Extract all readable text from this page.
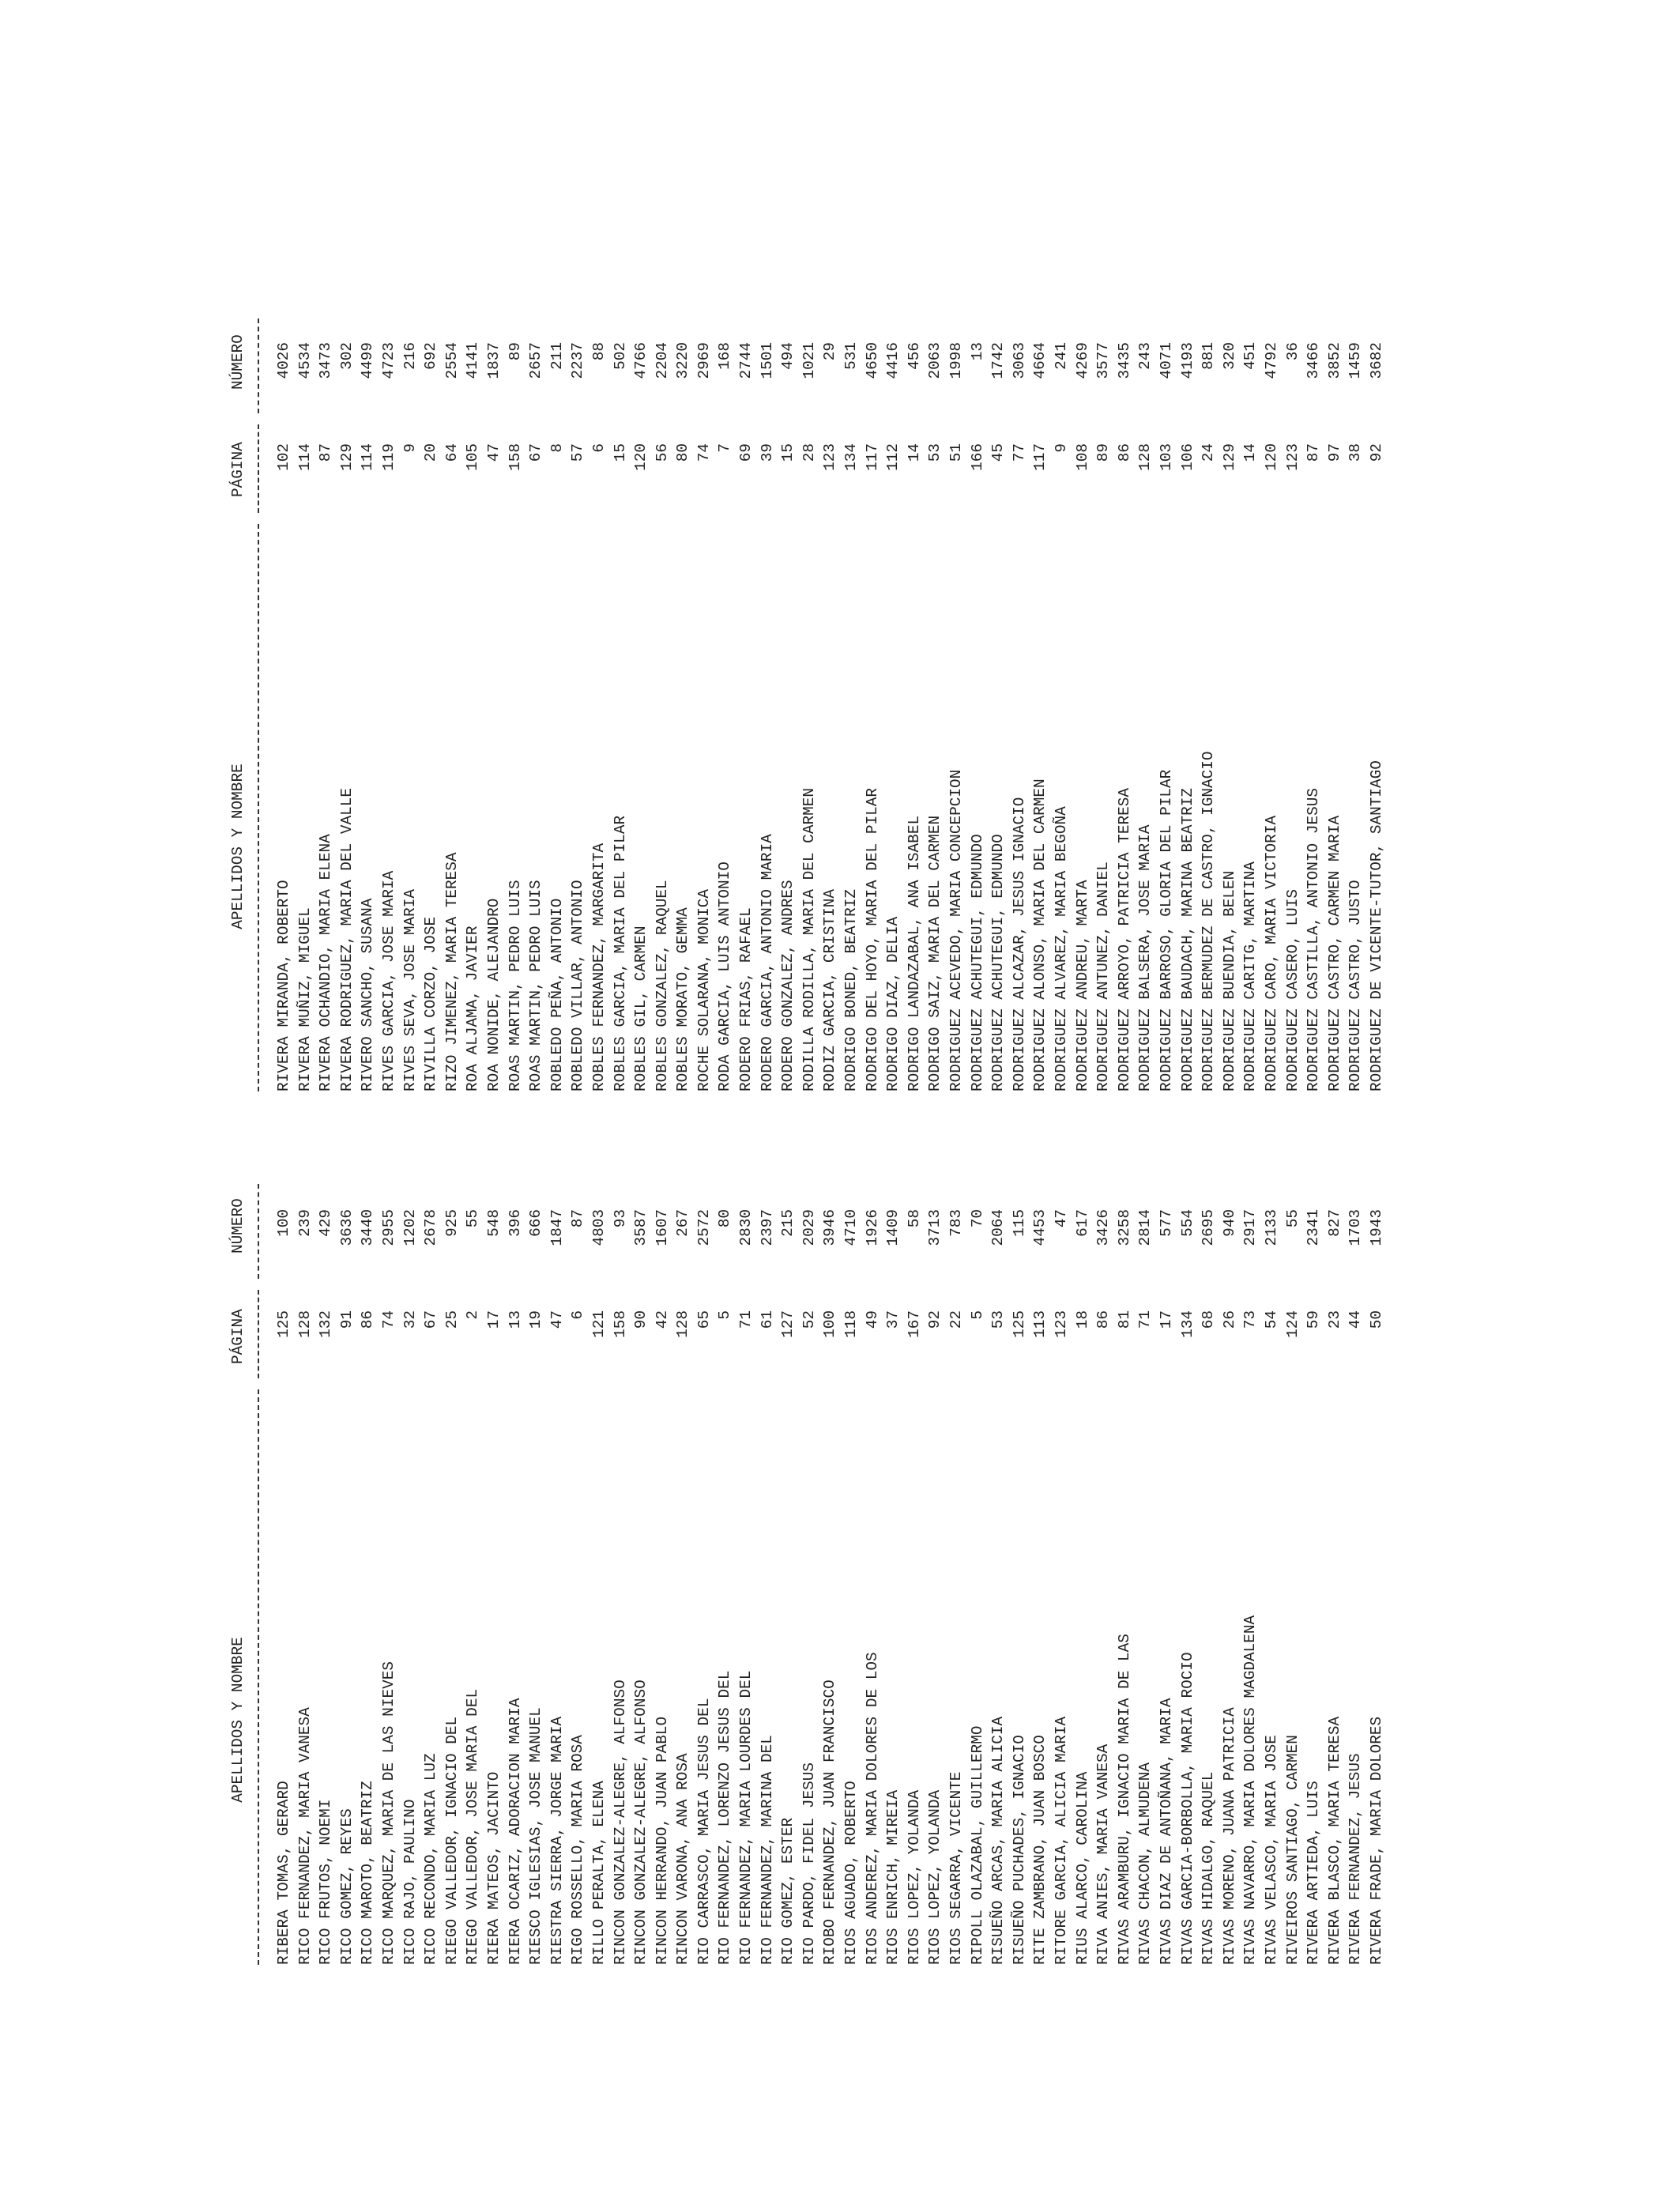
APELLIDOS Y NOMBRE
PÁGINA
NÚMERO
RIBERA TOMAS, GERARD
125
100
RICO FERNANDEZ, MARIA VANESA
128
239
RICO FRUTOS, NOEMI
132
429
RICO GOMEZ, REYES
91
3636
RICO MAROTO, BEATRIZ
86
3440
RICO MARQUEZ, MARIA DE LAS NIEVES
74
2955
RICO RAJO, PAULINO
32
1202
RICO RECONDO, MARIA LUZ
67
2678
RIEGO VALLEDOR, IGNACIO DEL
25
925
RIEGO VALLEDOR, JOSE MARIA DEL
2
55
RIERA MATEOS, JACINTO
17
548
RIERA OCARIZ, ADORACION MARIA
13
396
RIESCO IGLESIAS, JOSE MANUEL
19
666
RIESTRA SIERRA, JORGE MARIA
47
1847
RIGO ROSSELLO, MARIA ROSA
6
87
RILLO PERALTA, ELENA
121
4803
RINCON GONZALEZ-ALEGRE, ALFONSO
158
93
RINCON GONZALEZ-ALEGRE, ALFONSO
90
3587
RINCON HERRANDO, JUAN PABLO
42
1607
RINCON VARONA, ANA ROSA
128
267
RIO CARRASCO, MARIA JESUS DEL
65
2572
RIO FERNANDEZ, LORENZO JESUS DEL
5
80
RIO FERNANDEZ, MARIA LOURDES DEL
71
2830
RIO FERNANDEZ, MARINA DEL
61
2397
RIO GOMEZ, ESTER
127
215
RIO PARDO, FIDEL JESUS
52
2029
RIOBO FERNANDEZ, JUAN FRANCISCO
100
3946
RIOS AGUADO, ROBERTO
118
4710
RIOS ANDEREZ, MARIA DOLORES DE LOS
49
1926
RIOS ENRICH, MIREIA
37
1409
RIOS LOPEZ, YOLANDA
167
58
RIOS LOPEZ, YOLANDA
92
3713
RIOS SEGARRA, VICENTE
22
783
RIPOLL OLAZABAL, GUILLERMO
5
70
RISUEÑO ARCAS, MARIA ALICIA
53
2064
RISUEÑO PUCHADES, IGNACIO
125
115
RITE ZAMBRANO, JUAN BOSCO
113
4453
RITORE GARCIA, ALICIA MARIA
123
47
RIUS ALARCO, CAROLINA
18
617
RIVA ANIES, MARIA VANESA
86
3426
RIVAS ARAMBURU, IGNACIO MARIA DE LAS
81
3258
RIVAS CHACON, ALMUDENA
71
2814
RIVAS DIAZ DE ANTOÑANA, MARIA
17
577
RIVAS GARCIA-BORBOLLA, MARIA ROCIO
134
554
RIVAS HIDALGO, RAQUEL
68
2695
RIVAS MORENO, JUANA PATRICIA
26
940
RIVAS NAVARRO, MARIA DOLORES MAGDALENA
73
2917
RIVAS VELASCO, MARIA JOSE
54
2133
RIVEIROS SANTIAGO, CARMEN
124
55
RIVERA ARTIEDA, LUIS
59
2341
RIVERA BLASCO, MARIA TERESA
23
827
RIVERA FERNANDEZ, JESUS
44
1703
RIVERA FRADE, MARIA DOLORES
50
1943
APELLIDOS Y NOMBRE
PÁGINA
NÚMERO
RIVERA MIRANDA, ROBERTO
102
4026
RIVERA MUÑIZ, MIGUEL
114
4534
RIVERA OCHANDIO, MARIA ELENA
87
3473
RIVERA RODRIGUEZ, MARIA DEL VALLE
129
302
RIVERO SANCHO, SUSANA
114
4499
RIVES GARCIA, JOSE MARIA
119
4723
RIVES SEVA, JOSE MARIA
9
216
RIVILLA CORZO, JOSE
20
692
RIZO JIMENEZ, MARIA TERESA
64
2554
ROA ALJAMA, JAVIER
105
4141
ROA NONIDE, ALEJANDRO
47
1837
ROAS MARTIN, PEDRO LUIS
158
89
ROAS MARTIN, PEDRO LUIS
67
2657
ROBLEDO PEÑA, ANTONIO
8
211
ROBLEDO VILLAR, ANTONIO
57
2237
ROBLES FERNANDEZ, MARGARITA
6
88
ROBLES GARCIA, MARIA DEL PILAR
15
502
ROBLES GIL, CARMEN
120
4766
ROBLES GONZALEZ, RAQUEL
56
2204
ROBLES MORATO, GEMMA
80
3220
ROCHE SOLARANA, MONICA
74
2969
RODA GARCIA, LUIS ANTONIO
7
168
RODERO FRIAS, RAFAEL
69
2744
RODERO GARCIA, ANTONIO MARIA
39
1501
RODERO GONZALEZ, ANDRES
15
494
RODILLA RODILLA, MARIA DEL CARMEN
28
1021
RODIZ GARCIA, CRISTINA
123
29
RODRIGO BONED, BEATRIZ
134
531
RODRIGO DEL HOYO, MARIA DEL PILAR
117
4650
RODRIGO DIAZ, DELIA
112
4416
RODRIGO LANDAZABAL, ANA ISABEL
14
456
RODRIGO SAIZ, MARIA DEL CARMEN
53
2063
RODRIGUEZ ACEVEDO, MARIA CONCEPCION
51
1998
RODRIGUEZ ACHUTEGUI, EDMUNDO
166
13
RODRIGUEZ ACHUTEGUI, EDMUNDO
45
1742
RODRIGUEZ ALCAZAR, JESUS IGNACIO
77
3063
RODRIGUEZ ALONSO, MARIA DEL CARMEN
117
4664
RODRIGUEZ ALVAREZ, MARIA BEGOÑA
9
241
RODRIGUEZ ANDREU, MARTA
108
4269
RODRIGUEZ ANTUNEZ, DANIEL
89
3577
RODRIGUEZ ARROYO, PATRICIA TERESA
86
3435
RODRIGUEZ BALSERA, JOSE MARIA
128
243
RODRIGUEZ BARROSO, GLORIA DEL PILAR
103
4071
RODRIGUEZ BAUDACH, MARINA BEATRIZ
106
4193
RODRIGUEZ BERMUDEZ DE CASTRO, IGNACIO
24
881
RODRIGUEZ BUENDIA, BELEN
129
320
RODRIGUEZ CARITG, MARTINA
14
451
RODRIGUEZ CARO, MARIA VICTORIA
120
4792
RODRIGUEZ CASERO, LUIS
123
36
RODRIGUEZ CASTILLA, ANTONIO JESUS
87
3466
RODRIGUEZ CASTRO, CARMEN MARIA
97
3852
RODRIGUEZ CASTRO, JUSTO
38
1459
RODRIGUEZ DE VICENTE-TUTOR, SANTIAGO
92
3682
